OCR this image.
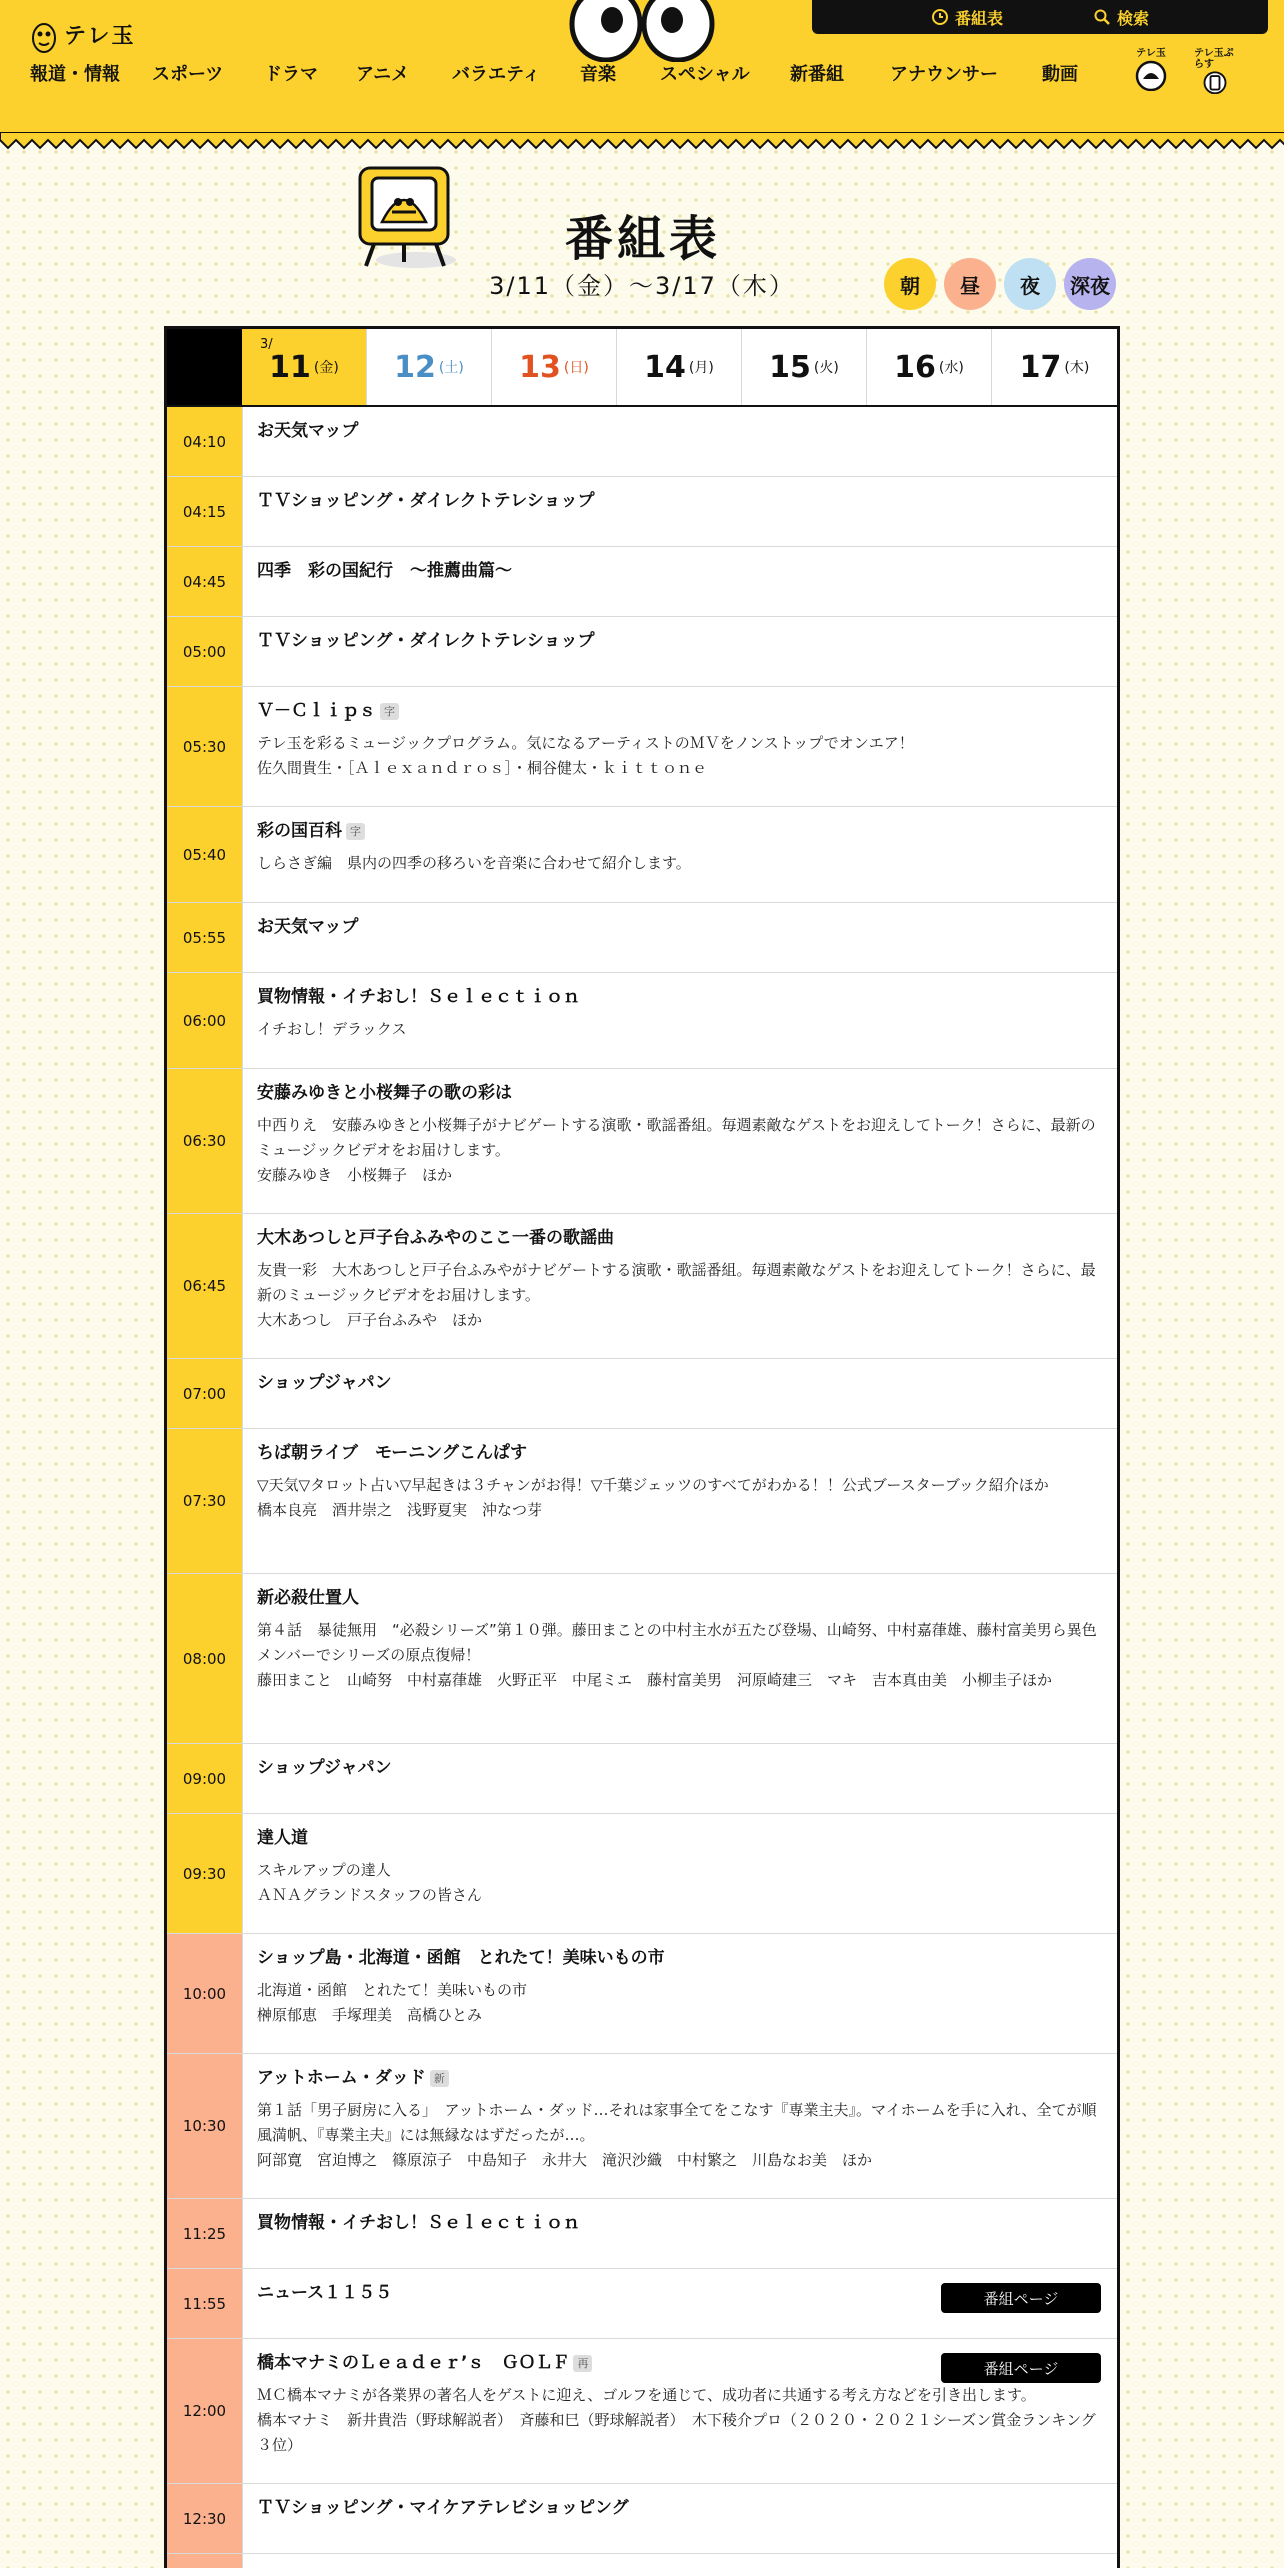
テレ玉
番組表	検索
報道・情報	スポーツ	ドラマ	アニメ	バラエティ	音楽	スペシャル	新番組	アナウンサー	動画
テレ玉	テレ玉ぷらす
番組表
3/11（金）〜3/17（木）	朝	昼	夜	深夜
3/
11 (金) 12 (土) 13 (日) 14 (月) 15 (火) 16 (水) 17 (木)
04:10
お天気マップ
04:15
ＴＶショッピング・ダイレクトテレショップ
04:45
四季　彩の国紀行　～推薦曲篇～
05:00
ＴＶショッピング・ダイレクトテレショップ
05:30
Ｖ－Ｃｌｉｐｓ 字
テレ玉を彩るミュージックプログラム。気になるアーティストのＭＶをノンストップでオンエア！
佐久間貴生・［Ａｌｅｘａｎｄｒｏｓ］・桐谷健太・ｋｉｔｔｏｎｅ
05:40
彩の国百科 字
しらさぎ編　県内の四季の移ろいを音楽に合わせて紹介します。
05:55
お天気マップ
06:00
買物情報・イチおし！Ｓｅｌｅｃｔｉｏｎ
イチおし！デラックス
06:30
安藤みゆきと小桜舞子の歌の彩は
中西りえ　安藤みゆきと小桜舞子がナビゲートする演歌・歌謡番組。毎週素敵なゲストをお迎えしてトーク！さらに、最新のミュージックビデオをお届けします。
安藤みゆき　小桜舞子　ほか
06:45
大木あつしと戸子台ふみやのここ一番の歌謡曲
友貴一彩　大木あつしと戸子台ふみやがナビゲートする演歌・歌謡番組。毎週素敵なゲストをお迎えしてトーク！さらに、最新のミュージックビデオをお届けします。
大木あつし　戸子台ふみや　ほか
07:00
ショップジャパン
07:30
ちば朝ライブ　モーニングこんぱす
▽天気▽タロット占い▽早起きは３チャンがお得！▽千葉ジェッツのすべてがわかる！！公式ブースターブック紹介ほか
橋本良亮　酒井崇之　浅野夏実　沖なつ芽
08:00
新必殺仕置人
第４話　暴徒無用　“必殺シリーズ”第１０弾。藤田まことの中村主水が五たび登場、山崎努、中村嘉葎雄、藤村富美男ら異色メンバーでシリーズの原点復帰！
藤田まこと　山崎努　中村嘉葎雄　火野正平　中尾ミエ　藤村富美男　河原崎建三　マキ　吉本真由美　小柳圭子ほか
09:00
ショップジャパン
09:30
達人道
スキルアップの達人
ＡＮＡグランドスタッフの皆さん
10:00
ショップ島・北海道・函館　とれたて！美味いもの市
北海道・函館　とれたて！美味いもの市
榊原郁恵　手塚理美　高橋ひとみ
10:30
アットホーム・ダッド 新
第１話「男子厨房に入る」　アットホーム・ダッド…それは家事全てをこなす『専業主夫』。マイホームを手に入れ、全てが順風満帆、『専業主夫』には無縁なはずだったが…。
阿部寛　宮迫博之　篠原涼子　中島知子　永井大　滝沢沙織　中村繁之　川島なお美　ほか
11:25
買物情報・イチおし！Ｓｅｌｅｃｔｉｏｎ
11:55
ニュース１１５５	番組ページ
12:00
橋本マナミのＬｅａｄｅｒ’ｓ　ＧＯＬＦ 再
ＭＣ橋本マナミが各業界の著名人をゲストに迎え、ゴルフを通じて、成功者に共通する考え方などを引き出します。
橋本マナミ　新井貴浩（野球解説者）　斉藤和巳（野球解説者）　木下稜介プロ（２０２０・２０２１シーズン賞金ランキング３位）
番組ページ
12:30
ＴＶショッピング・マイケアテレビショッピング
